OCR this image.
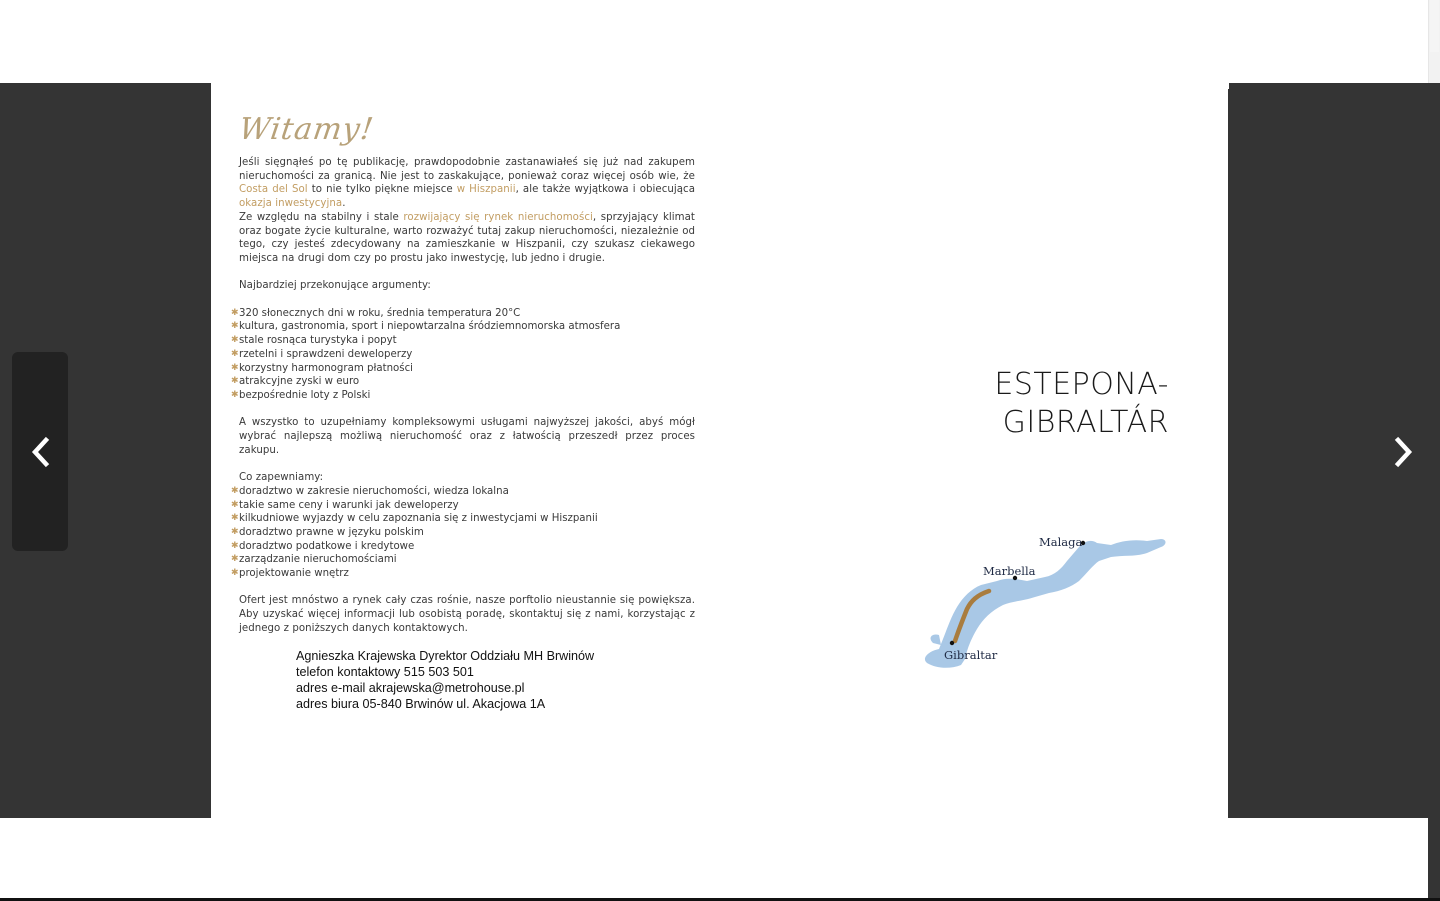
Witamy!

Jeśli sięgnąłeś po tę publikację, prawdopodobnie zastanawiałeś się już nad zakupem nieruchomości za granicą. Nie jest to zaskakujące, ponieważ coraz więcej osób wie, że Costa del Sol to nie tylko piękne miejsce w Hiszpanii, ale także wyjątkowa i obiecująca okazja inwestycyjna.

Ze względu na stabilny i stale rozwijający się rynek nieruchomości, sprzyjający klimat oraz bogate życie kulturalne, warto rozważyć tutaj zakup nieruchomości, niezależnie od tego, czy jesteś zdecydowany na zamieszkanie w Hiszpanii, czy szukasz ciekawego miejsca na drugi dom czy po prostu jako inwestycję, lub jedno i drugie.

Najbardziej przekonujące argumenty:

✱ 320 słonecznych dni w roku, średnia temperatura 20°C
✱ kultura, gastronomia, sport i niepowtarzalna śródziemnomorska atmosfera
✱ stale rosnąca turystyka i popyt
✱ rzetelni i sprawdzeni deweloperzy
✱ korzystny harmonogram płatności
✱ atrakcyjne zyski w euro
✱ bezpośrednie loty z Polski

A wszystko to uzupełniamy kompleksowymi usługami najwyższej jakości, abyś mógł wybrać najlepszą możliwą nieruchomość oraz z łatwością przeszedł przez proces zakupu.

Co zapewniamy:

✱ doradztwo w zakresie nieruchomości, wiedza lokalna
✱ takie same ceny i warunki jak deweloperzy
✱ kilkudniowe wyjazdy w celu zapoznania się z inwestycjami w Hiszpanii
✱ doradztwo prawne w języku polskim
✱ doradztwo podatkowe i kredytowe
✱ zarządzanie nieruchomościami
✱ projektowanie wnętrz

Ofert jest mnóstwo a rynek cały czas rośnie, nasze porftolio nieustannie się powiększa. Aby uzyskać więcej informacji lub osobistą poradę, skontaktuj się z nami, korzystając z jednego z poniższych danych kontaktowych.

Agnieszka Krajewska Dyrektor Oddziału MH Brwinów
telefon kontaktowy 515 503 501
adres e-mail akrajewska@metrohouse.pl
adres biura 05-840 Brwinów ul. Akacjowa 1A
ESTEPONA-
GIBRALTÁR
Malaga
Marbella
Gibraltar
